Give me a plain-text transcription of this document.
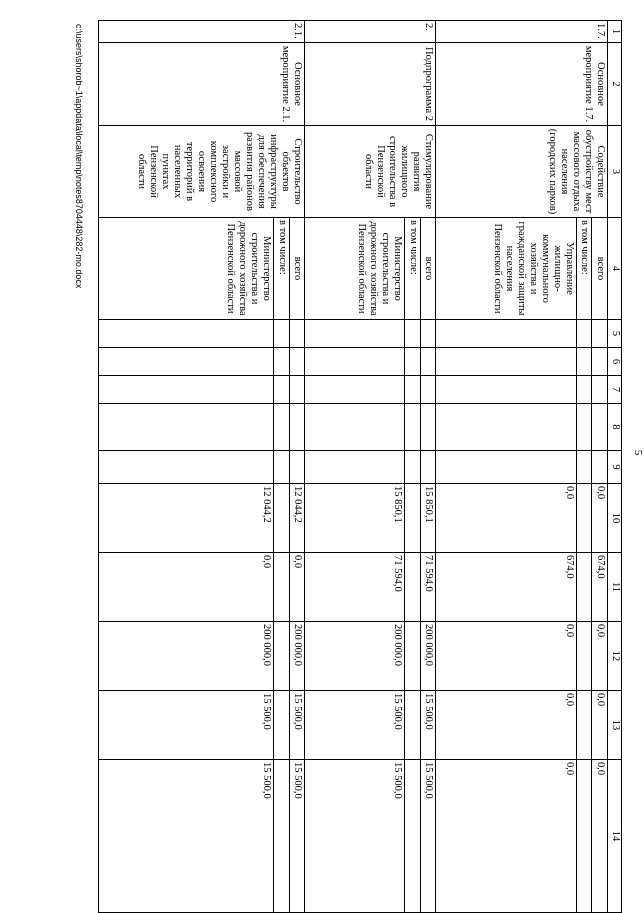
5
1	2	3	4	5	6	7	8	9	10	11	12	13	14
1.7.	Основное мероприятие 1.7.	Содействие обустройству мест массового отдыха населения (городских парков)	всего						0,0	674,0	0,0	0,0	0,0
			в том числе:										
			Управление жилищно-коммунального хозяйства и гражданской защиты населения Пензенской области						0,0	674,0	0,0	0,0	0,0
2.	Подпрограмма 2	Стимулирование развития жилищного строительства в Пензенской области	всего						15 850,1	71 594,0	200 000,0	15 500,0	15 500,0
			в том числе:										
			Министерство строительства и дорожного хозяйства Пензенской области						15 850,1	71 594,0	200 000,0	15 500,0	15 500,0
2.1.	Основное мероприятие 2.1.	Строительство объектов инфраструктуры для обеспечения развития районов массовой застройки и комплексного освоения территорий в населенных пунктах Пензенской области	всего						12 044,2	0,0	200 000,0	15 500,0	15 500,0
			в том числе:										
			Министерство строительства и дорожного хозяйства Пензенской области						12 044,2	0,0	200 000,0	15 500,0	15 500,0
c:\users\shorob~1\appdata\local\temp\notes8704448\282-mo.docx
